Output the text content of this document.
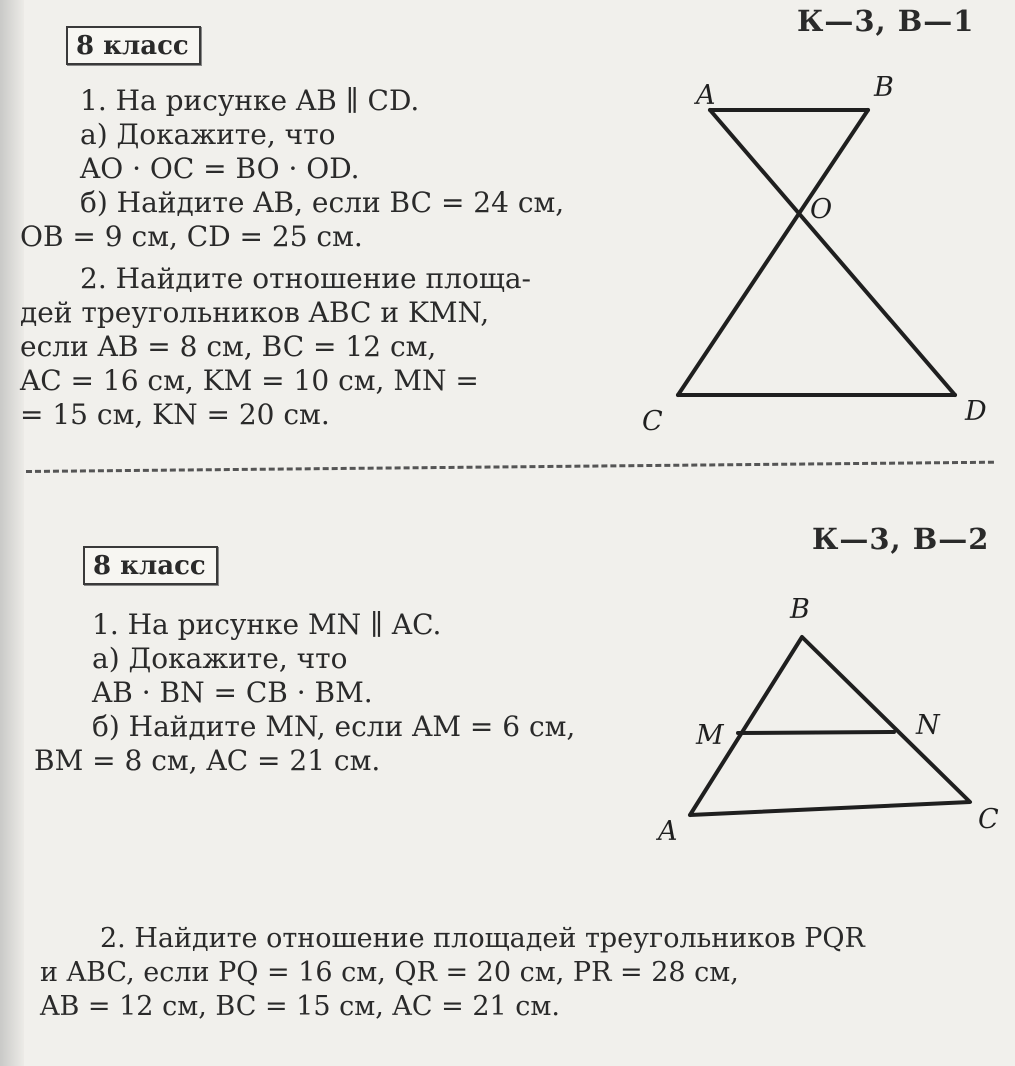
8 класс
К—3, В—1
1. На рисунке AB ∥ CD.
а) Докажите, что
AO · OC = BO · OD.
б) Найдите AB, если BC = 24 см,
OB = 9 см, CD = 25 см.
2. Найдите отношение площа-
дей треугольников ABC и KMN,
если AB = 8 см, BC = 12 см,
AC = 16 см, KM = 10 см, MN =
= 15 см, KN = 20 см.
A	B
O
C	D
8 класс
К—3, В—2
1. На рисунке MN ∥ AC.
а) Докажите, что
AB · BN = CB · BM.
б) Найдите MN, если AM = 6 см,
BM = 8 см, AC = 21 см.
B
M	N
A	C
2. Найдите отношение площадей треугольников PQR
и ABC, если PQ = 16 см, QR = 20 см, PR = 28 см,
AB = 12 см, BC = 15 см, AC = 21 см.
